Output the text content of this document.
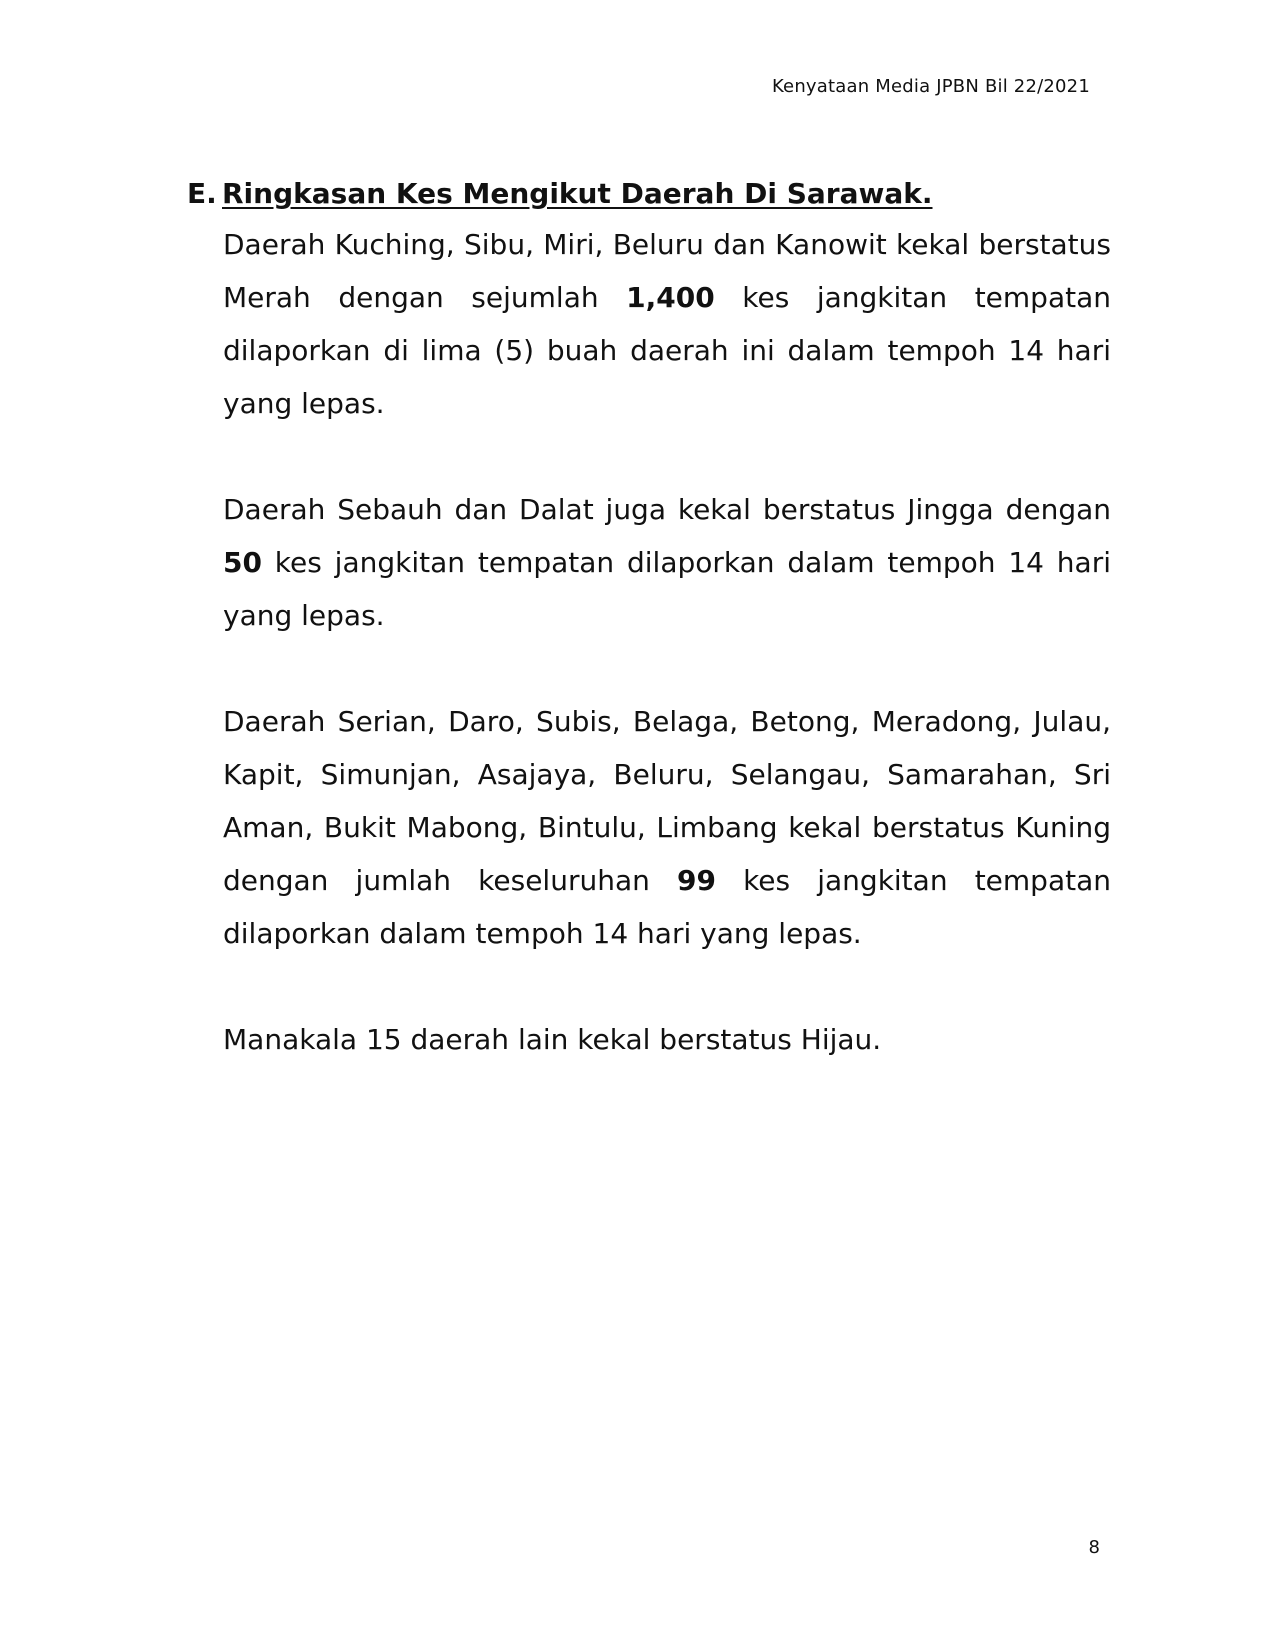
Kenyataan Media JPBN Bil 22/2021
E. Ringkasan Kes Mengikut Daerah Di Sarawak.

Daerah Kuching, Sibu, Miri, Beluru dan Kanowit kekal berstatus Merah dengan sejumlah 1,400 kes jangkitan tempatan dilaporkan di lima (5) buah daerah ini dalam tempoh 14 hari yang lepas.

Daerah Sebauh dan Dalat juga kekal berstatus Jingga dengan 50 kes jangkitan tempatan dilaporkan dalam tempoh 14 hari yang lepas.

Daerah Serian, Daro, Subis, Belaga, Betong, Meradong, Julau, Kapit, Simunjan, Asajaya, Beluru, Selangau, Samarahan, Sri Aman, Bukit Mabong, Bintulu, Limbang kekal berstatus Kuning dengan jumlah keseluruhan 99 kes jangkitan tempatan dilaporkan dalam tempoh 14 hari yang lepas.

Manakala 15 daerah lain kekal berstatus Hijau.

8
